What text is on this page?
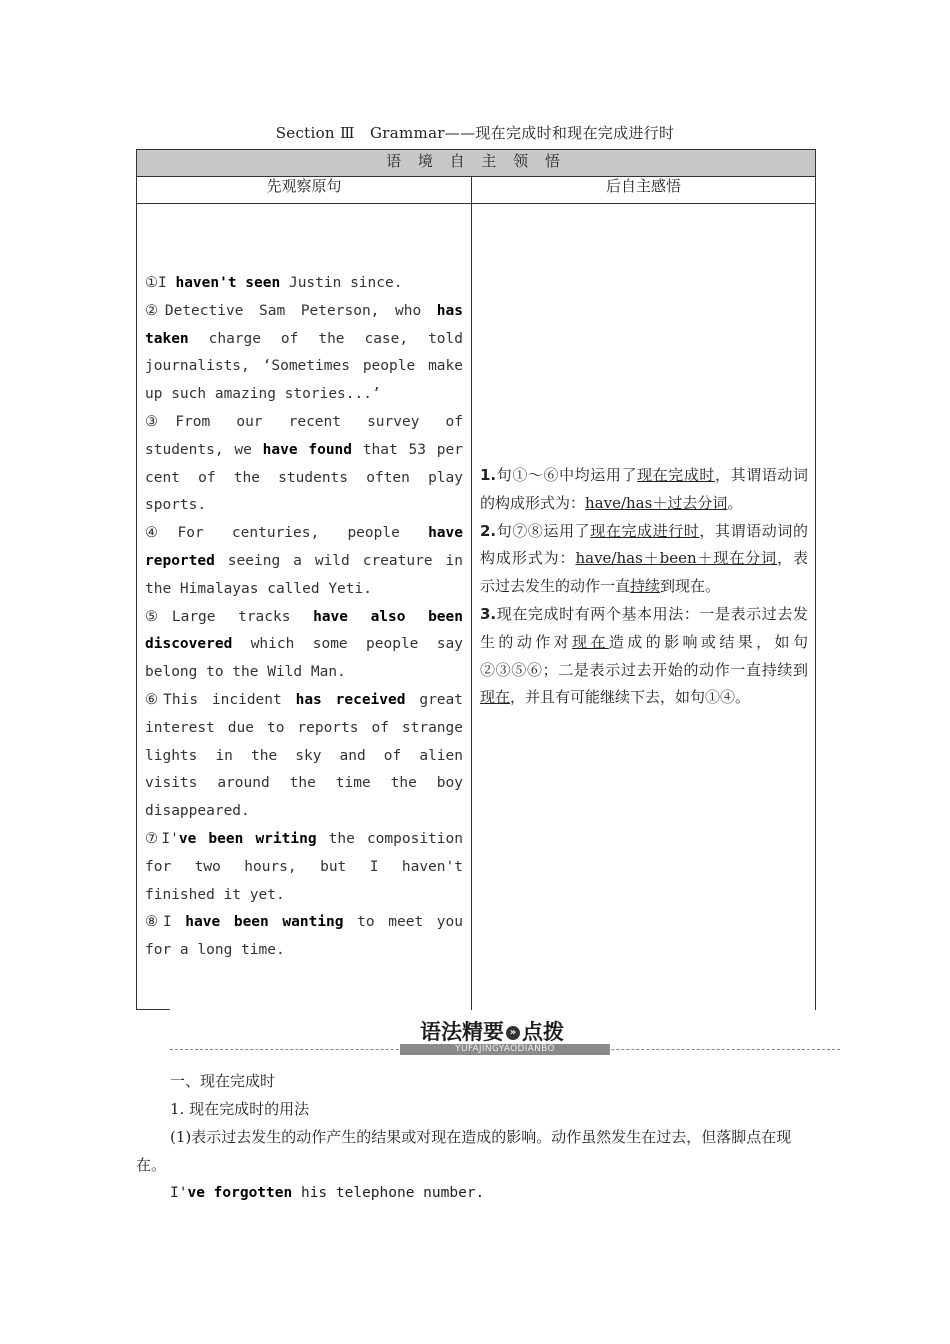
Section Ⅲ　Grammar——现在完成时和现在完成进行时
语 境 自 主 领 悟
先观察原句	后自主感悟

①I haven't seen Justin since.

②Detective Sam Peterson, who has taken charge of the case, told journalists, ‘Sometimes people make up such amazing stories...’

③From our recent survey of students, we have found that 53 per cent of the students often play sports.

④For centuries, people have reported seeing a wild creature in the Himalayas called Yeti.

⑤Large tracks have also been discovered which some people say belong to the Wild Man.

⑥This incident has received great interest due to reports of strange lights in the sky and of alien visits around the time the boy disappeared.

⑦I've been writing the composition for two hours, but I haven't finished it yet.

⑧I have been wanting to meet you for a long time.

1.句①～⑥中均运用了现在完成时，其谓语动词的构成形式为：have/has＋过去分词。

2.句⑦⑧运用了现在完成进行时，其谓语动词的构成形式为：have/has＋been＋现在分词，表示过去发生的动作一直持续到现在。

3.现在完成时有两个基本用法：一是表示过去发生的动作对现在造成的影响或结果，如句②③⑤⑥；二是表示过去开始的动作一直持续到现在，并且有可能继续下去，如句①④。

语法精要 » 点拨
YUFAJINGYAODIANBO

一、现在完成时

1. 现在完成时的用法

(1)表示过去发生的动作产生的结果或对现在造成的影响。动作虽然发生在过去，但落脚点在现在。

I've forgotten his telephone number.
